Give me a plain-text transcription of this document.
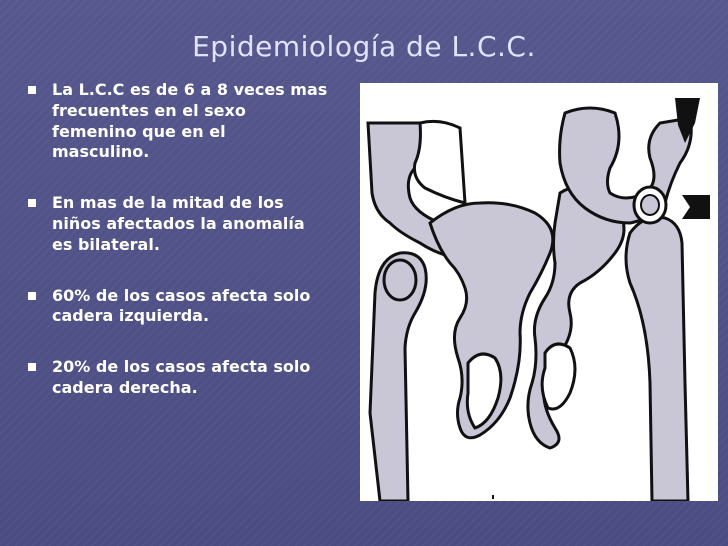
Epidemiología de L.C.C.
La L.C.C es de 6 a 8 veces mas frecuentes en el sexo femenino que en el masculino.
En mas de la mitad de los niños afectados la anomalía es bilateral.
60% de los casos afecta solo cadera izquierda.
20% de los casos afecta solo cadera derecha.
